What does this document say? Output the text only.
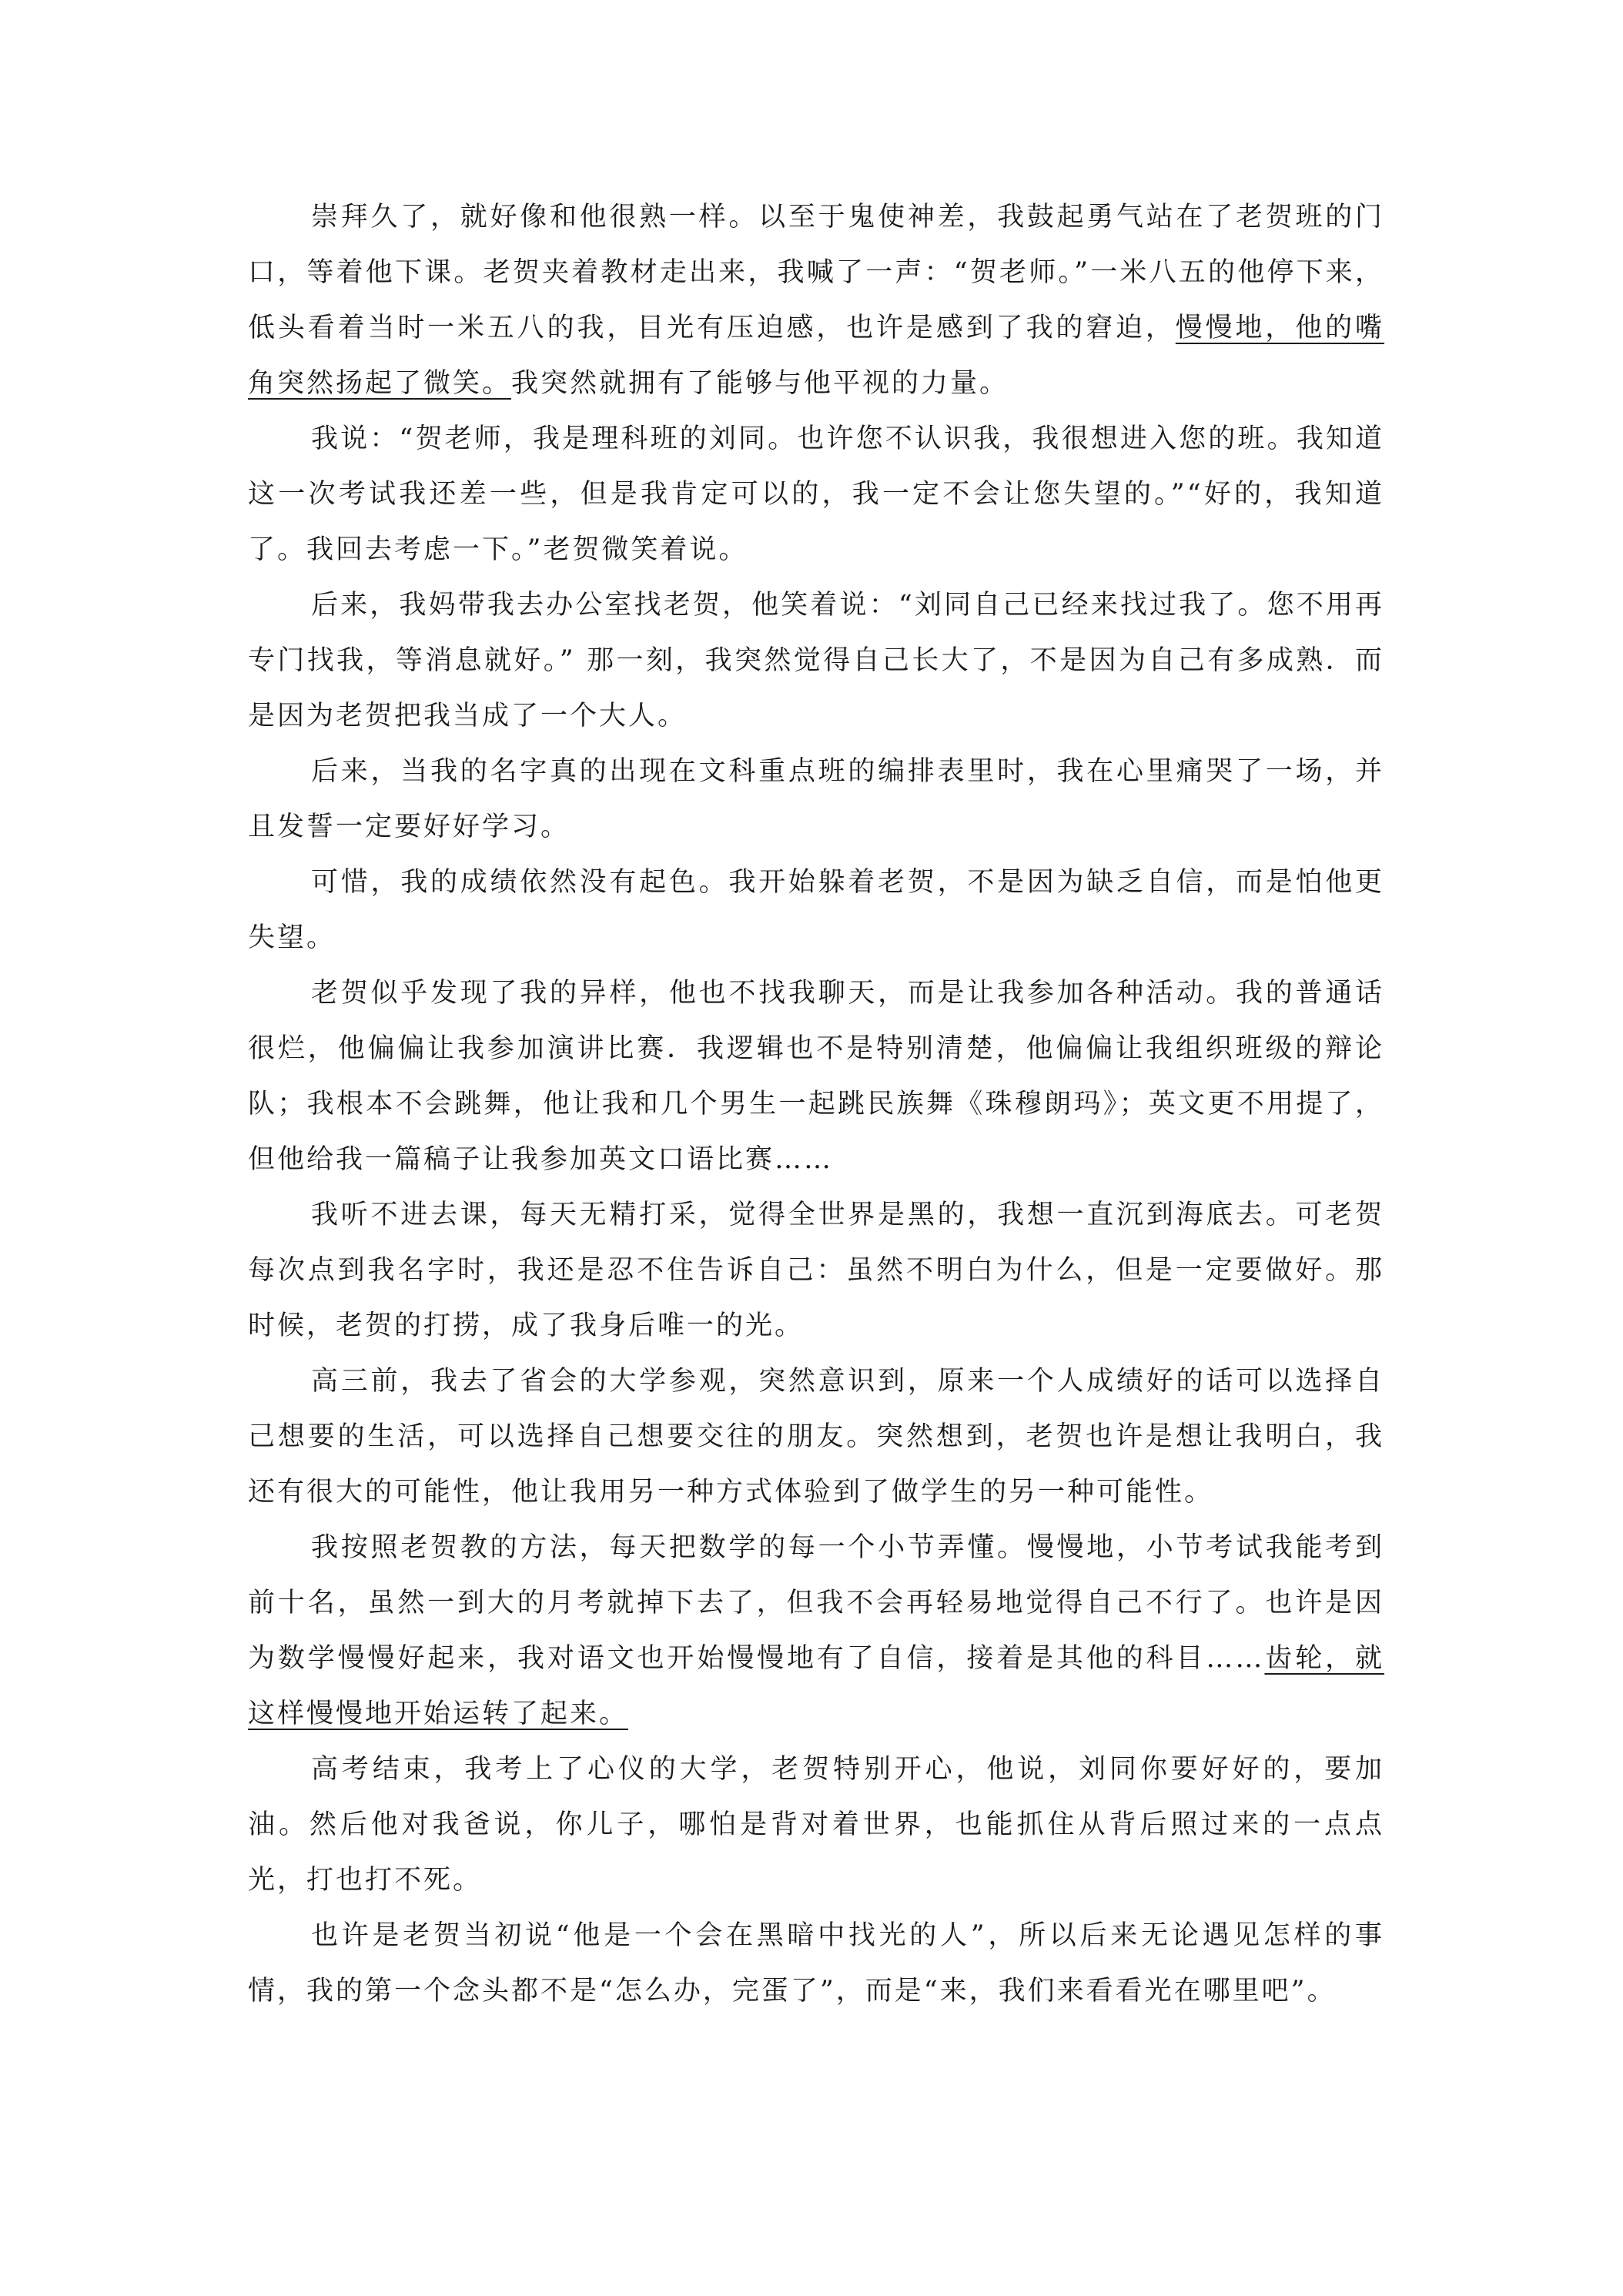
崇拜久了，就好像和他很熟一样。以至于鬼使神差，我鼓起勇气站在了老贺班的门口，等着他下课。老贺夹着教材走出来，我喊了一声：“贺老师。”一米八五的他停下来，低头看着当时一米五八的我，目光有压迫感，也许是感到了我的窘迫，慢慢地，他的嘴角突然扬起了微笑。我突然就拥有了能够与他平视的力量。

我说：“贺老师，我是理科班的刘同。也许您不认识我，我很想进入您的班。我知道这一次考试我还差一些，但是我肯定可以的，我一定不会让您失望的。”“好的，我知道了。我回去考虑一下。”老贺微笑着说。

后来，我妈带我去办公室找老贺，他笑着说：“刘同自己已经来找过我了。您不用再专门找我，等消息就好。” 那一刻，我突然觉得自己长大了，不是因为自己有多成熟．而是因为老贺把我当成了一个大人。

后来，当我的名字真的出现在文科重点班的编排表里时，我在心里痛哭了一场，并且发誓一定要好好学习。

可惜，我的成绩依然没有起色。我开始躲着老贺，不是因为缺乏自信，而是怕他更失望。

老贺似乎发现了我的异样，他也不找我聊天，而是让我参加各种活动。我的普通话很烂，他偏偏让我参加演讲比赛．我逻辑也不是特别清楚，他偏偏让我组织班级的辩论队；我根本不会跳舞，他让我和几个男生一起跳民族舞《珠穆朗玛》；英文更不用提了，但他给我一篇稿子让我参加英文口语比赛……

我听不进去课，每天无精打采，觉得全世界是黑的，我想一直沉到海底去。可老贺每次点到我名字时，我还是忍不住告诉自己：虽然不明白为什么，但是一定要做好。那时候，老贺的打捞，成了我身后唯一的光。

高三前，我去了省会的大学参观，突然意识到，原来一个人成绩好的话可以选择自己想要的生活，可以选择自己想要交往的朋友。突然想到，老贺也许是想让我明白，我还有很大的可能性，他让我用另一种方式体验到了做学生的另一种可能性。

我按照老贺教的方法，每天把数学的每一个小节弄懂。慢慢地，小节考试我能考到前十名，虽然一到大的月考就掉下去了，但我不会再轻易地觉得自己不行了。也许是因为数学慢慢好起来，我对语文也开始慢慢地有了自信，接着是其他的科目……齿轮，就这样慢慢地开始运转了起来。

高考结束，我考上了心仪的大学，老贺特别开心，他说，刘同你要好好的，要加油。然后他对我爸说，你儿子，哪怕是背对着世界，也能抓住从背后照过来的一点点光，打也打不死。

也许是老贺当初说“他是一个会在黑暗中找光的人”，所以后来无论遇见怎样的事情，我的第一个念头都不是“怎么办，完蛋了”，而是“来，我们来看看光在哪里吧”。
